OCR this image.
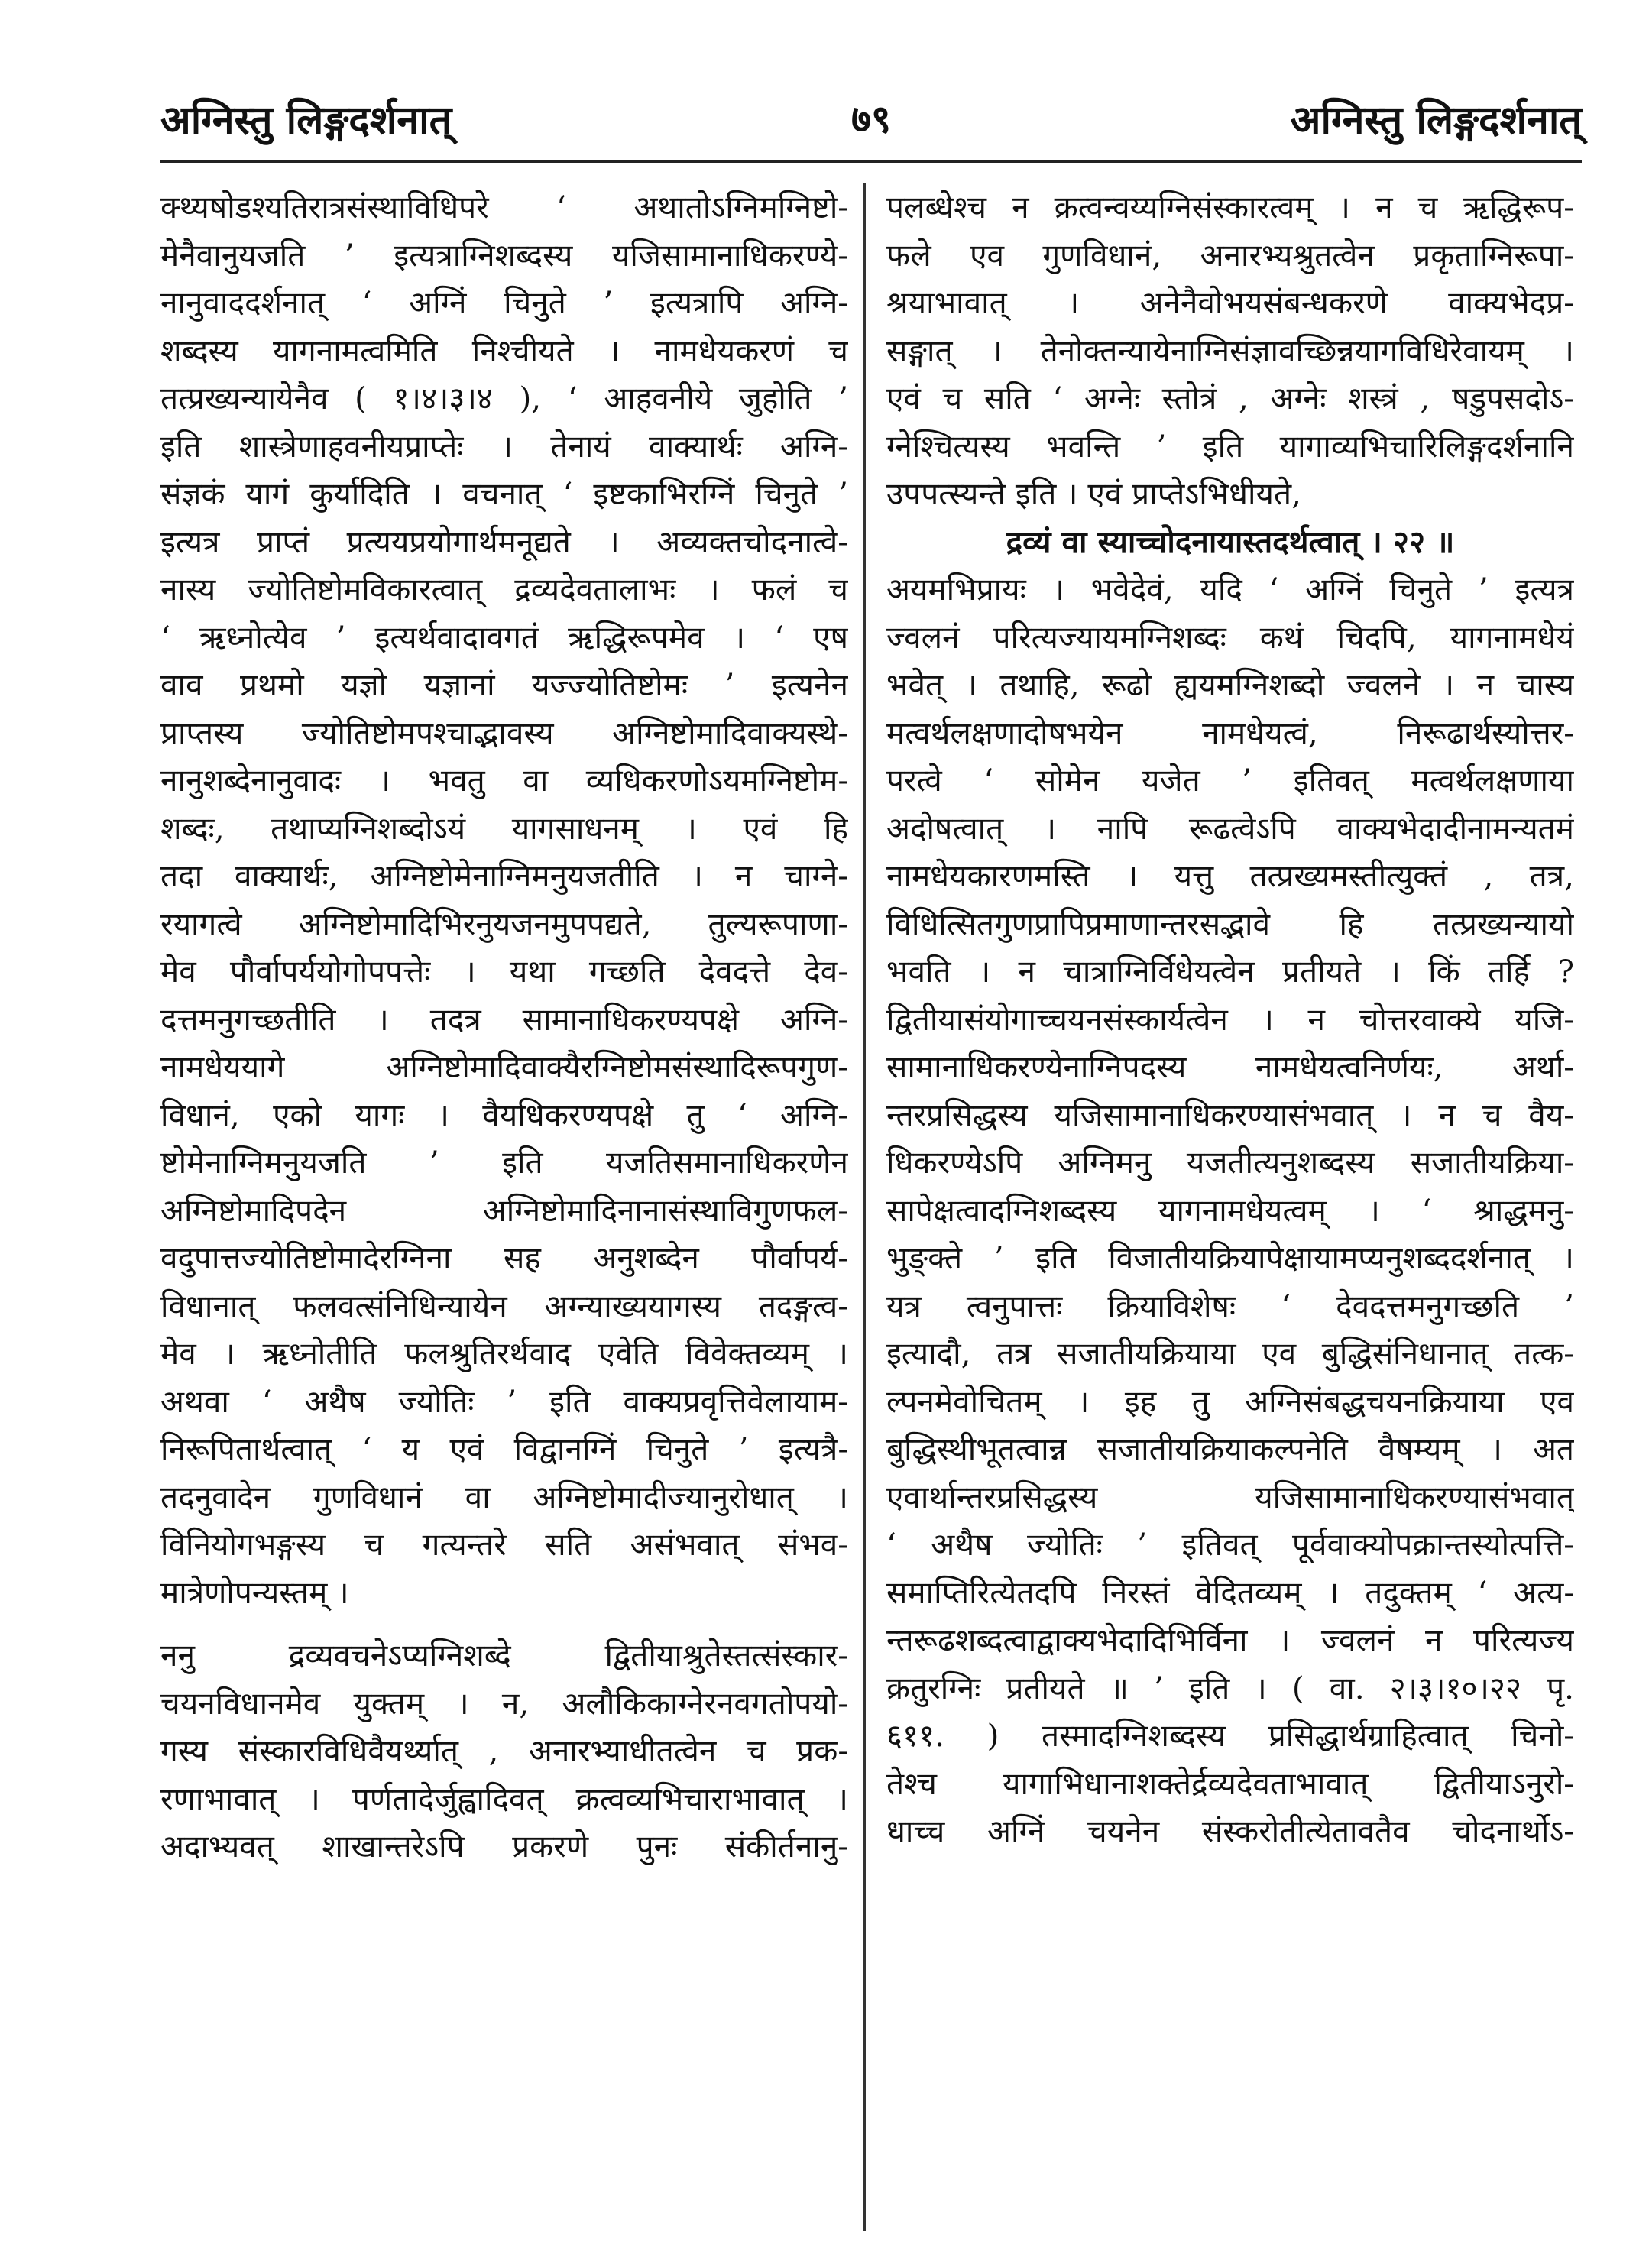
अग्निस्तु लिङ्गदर्शनात्	७९	अग्निस्तु लिङ्गदर्शनात्
क्थ्यषोडश्यतिरात्रसंस्थाविधिपरे ‘ अथातोऽग्निमग्निष्टो-
मेनैवानुयजति ’ इत्यत्राग्निशब्दस्य यजिसामानाधिकरण्ये-
नानुवाददर्शनात् ‘ अग्निं चिनुते ’ इत्यत्रापि अग्नि-
शब्दस्य यागनामत्वमिति निश्चीयते । नामधेयकरणं च
तत्प्रख्यन्यायेनैव ( १।४।३।४ ), ‘ आहवनीये जुहोति ’
इति शास्त्रेणाहवनीयप्राप्तेः । तेनायं वाक्यार्थः अग्नि-
संज्ञकं यागं कुर्यादिति । वचनात् ‘ इष्टकाभिरग्निं चिनुते ’
इत्यत्र प्राप्तं प्रत्ययप्रयोगार्थमनूद्यते । अव्यक्तचोदनात्वे-
नास्य ज्योतिष्टोमविकारत्वात् द्रव्यदेवतालाभः । फलं च
‘ ऋध्नोत्येव ’ इत्यर्थवादावगतं ऋद्धिरूपमेव । ‘ एष
वाव प्रथमो यज्ञो यज्ञानां यज्ज्योतिष्टोमः ’ इत्यनेन
प्राप्तस्य ज्योतिष्टोमपश्चाद्भावस्य अग्निष्टोमादिवाक्यस्थे-
नानुशब्देनानुवादः । भवतु वा व्यधिकरणोऽयमग्निष्टोम-
शब्दः, तथाप्यग्निशब्दोऽयं यागसाधनम् । एवं हि
तदा वाक्यार्थः, अग्निष्टोमेनाग्निमनुयजतीति । न चाग्ने-
रयागत्वे अग्निष्टोमादिभिरनुयजनमुपपद्यते, तुल्यरूपाणा-
मेव पौर्वापर्ययोगोपपत्तेः । यथा गच्छति देवदत्ते देव-
दत्तमनुगच्छतीति । तदत्र सामानाधिकरण्यपक्षे अग्नि-
नामधेययागे अग्निष्टोमादिवाक्यैरग्निष्टोमसंस्थादिरूपगुण-
विधानं, एको यागः । वैयधिकरण्यपक्षे तु ‘ अग्नि-
ष्टोमेनाग्निमनुयजति ’ इति यजतिसमानाधिकरणेन
अग्निष्टोमादिपदेन अग्निष्टोमादिनानासंस्थाविगुणफल-
वदुपात्तज्योतिष्टोमादेरग्निना सह अनुशब्देन पौर्वापर्य-
विधानात् फलवत्संनिधिन्यायेन अग्न्याख्ययागस्य तदङ्गत्व-
मेव । ऋध्नोतीति फलश्रुतिरर्थवाद एवेति विवेक्तव्यम् ।
अथवा ‘ अथैष ज्योतिः ’ इति वाक्यप्रवृत्तिवेलायाम-
निरूपितार्थत्वात् ‘ य एवं विद्वानग्निं चिनुते ’ इत्यत्रै-
तदनुवादेन गुणविधानं वा अग्निष्टोमादीज्यानुरोधात् ।
विनियोगभङ्गस्य च गत्यन्तरे सति असंभवात् संभव-
मात्रेणोपन्यस्तम् ।
ननु द्रव्यवचनेऽप्यग्निशब्दे द्वितीयाश्रुतेस्तत्संस्कार-
चयनविधानमेव युक्तम् । न, अलौकिकाग्नेरनवगतोपयो-
गस्य संस्कारविधिवैयर्थ्यात् , अनारभ्याधीतत्वेन च प्रक-
रणाभावात् । पर्णतादेर्जुह्वादिवत् क्रत्वव्यभिचाराभावात् ।
अदाभ्यवत् शाखान्तरेऽपि प्रकरणे पुनः संकीर्तनानु-
पलब्धेश्च न क्रत्वन्वय्यग्निसंस्कारत्वम् । न च ऋद्धिरूप-
फले एव गुणविधानं, अनारभ्यश्रुतत्वेन प्रकृताग्निरूपा-
श्रयाभावात् । अनेनैवोभयसंबन्धकरणे वाक्यभेदप्र-
सङ्गात् । तेनोक्तन्यायेनाग्निसंज्ञावच्छिन्नयागविधिरेवायम् ।
एवं च सति ‘ अग्नेः स्तोत्रं , अग्नेः शस्त्रं , षडुपसदोऽ-
ग्नेश्चित्यस्य भवन्ति ’ इति यागाव्यभिचारिलिङ्गदर्शनानि
उपपत्स्यन्ते इति । एवं प्राप्तेऽभिधीयते,
द्रव्यं वा स्याच्चोदनायास्तदर्थत्वात् । २२ ॥
अयमभिप्रायः । भवेदेवं, यदि ‘ अग्निं चिनुते ’ इत्यत्र
ज्वलनं परित्यज्यायमग्निशब्दः कथं चिदपि, यागनामधेयं
भवेत् । तथाहि, रूढो ह्ययमग्निशब्दो ज्वलने । न चास्य
मत्वर्थलक्षणादोषभयेन नामधेयत्वं, निरूढार्थस्योत्तर-
परत्वे ‘ सोमेन यजेत ’ इतिवत् मत्वर्थलक्षणाया
अदोषत्वात् । नापि रूढत्वेऽपि वाक्यभेदादीनामन्यतमं
नामधेयकारणमस्ति । यत्तु तत्प्रख्यमस्तीत्युक्तं , तत्र,
विधित्सितगुणप्रापिप्रमाणान्तरसद्भावे हि तत्प्रख्यन्यायो
भवति । न चात्राग्निर्विधेयत्वेन प्रतीयते । किं तर्हि ?
द्वितीयासंयोगाच्चयनसंस्कार्यत्वेन । न चोत्तरवाक्ये यजि-
सामानाधिकरण्येनाग्निपदस्य नामधेयत्वनिर्णयः, अर्था-
न्तरप्रसिद्धस्य यजिसामानाधिकरण्यासंभवात् । न च वैय-
धिकरण्येऽपि अग्निमनु यजतीत्यनुशब्दस्य सजातीयक्रिया-
सापेक्षत्वादग्निशब्दस्य यागनामधेयत्वम् । ‘ श्राद्धमनु-
भुङ्क्ते ’ इति विजातीयक्रियापेक्षायामप्यनुशब्ददर्शनात् ।
यत्र त्वनुपात्तः क्रियाविशेषः ‘ देवदत्तमनुगच्छति ’
इत्यादौ, तत्र सजातीयक्रियाया एव बुद्धिसंनिधानात् तत्क-
ल्पनमेवोचितम् । इह तु अग्निसंबद्धचयनक्रियाया एव
बुद्धिस्थीभूतत्वान्न सजातीयक्रियाकल्पनेति वैषम्यम् । अत
एवार्थान्तरप्रसिद्धस्य यजिसामानाधिकरण्यासंभवात्
‘ अथैष ज्योतिः ’ इतिवत् पूर्ववाक्योपक्रान्तस्योत्पत्ति-
समाप्तिरित्येतदपि निरस्तं वेदितव्यम् । तदुक्तम् ‘ अत्य-
न्तरूढशब्दत्वाद्वाक्यभेदादिभिर्विना । ज्वलनं न परित्यज्य
क्रतुरग्निः प्रतीयते ॥ ’ इति । ( वा. २।३।१०।२२ पृ.
६११. ) तस्मादग्निशब्दस्य प्रसिद्धार्थग्राहित्वात् चिनो-
तेश्च यागाभिधानाशक्तेर्द्रव्यदेवताभावात् द्वितीयाऽनुरो-
धाच्च अग्निं चयनेन संस्करोतीत्येतावतैव चोदनार्थोऽ-
